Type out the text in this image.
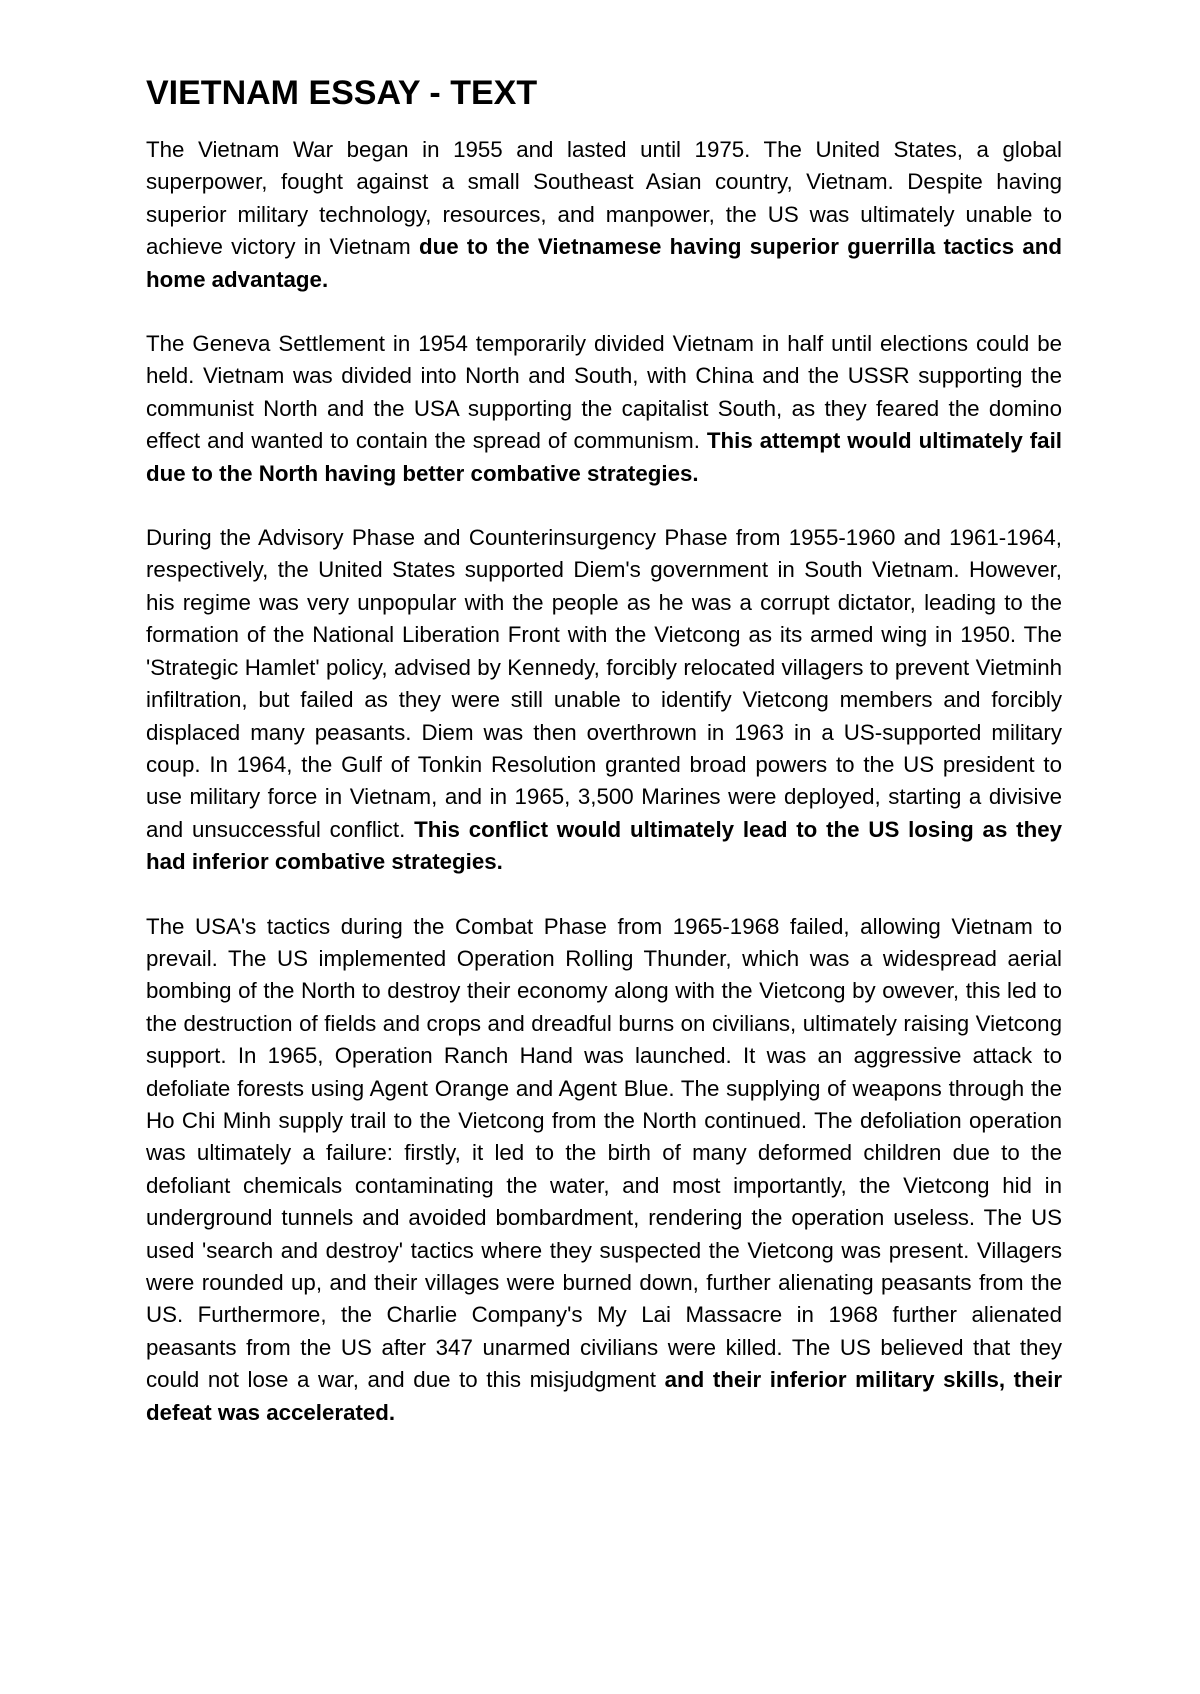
VIETNAM ESSAY - TEXT

The Vietnam War began in 1955 and lasted until 1975. The United States, a global superpower, fought against a small Southeast Asian country, Vietnam. Despite having superior military technology, resources, and manpower, the US was ultimately unable to achieve victory in Vietnam due to the Vietnamese having superior guerrilla tactics and home advantage.

The Geneva Settlement in 1954 temporarily divided Vietnam in half until elections could be held. Vietnam was divided into North and South, with China and the USSR supporting the communist North and the USA supporting the capitalist South, as they feared the domino effect and wanted to contain the spread of communism. This attempt would ultimately fail due to the North having better combative strategies.

During the Advisory Phase and Counterinsurgency Phase from 1955-1960 and 1961-1964, respectively, the United States supported Diem's government in South Vietnam. However, his regime was very unpopular with the people as he was a corrupt dictator, leading to the formation of the National Liberation Front with the Vietcong as its armed wing in 1950. The 'Strategic Hamlet' policy, advised by Kennedy, forcibly relocated villagers to prevent Vietminh infiltration, but failed as they were still unable to identify Vietcong members and forcibly displaced many peasants. Diem was then overthrown in 1963 in a US-supported military coup. In 1964, the Gulf of Tonkin Resolution granted broad powers to the US president to use military force in Vietnam, and in 1965, 3,500 Marines were deployed, starting a divisive and unsuccessful conflict. This conflict would ultimately lead to the US losing as they had inferior combative strategies.

The USA's tactics during the Combat Phase from 1965-1968 failed, allowing Vietnam to prevail. The US implemented Operation Rolling Thunder, which was a widespread aerial bombing of the North to destroy their economy along with the Vietcong by owever, this led to the destruction of fields and crops and dreadful burns on civilians, ultimately raising Vietcong support. In 1965, Operation Ranch Hand was launched. It was an aggressive attack to defoliate forests using Agent Orange and Agent Blue. The supplying of weapons through the Ho Chi Minh supply trail to the Vietcong from the North continued. The defoliation operation was ultimately a failure: firstly, it led to the birth of many deformed children due to the defoliant chemicals contaminating the water, and most importantly, the Vietcong hid in underground tunnels and avoided bombardment, rendering the operation useless. The US used 'search and destroy' tactics where they suspected the Vietcong was present. Villagers were rounded up, and their villages were burned down, further alienating peasants from the US. Furthermore, the Charlie Company's My Lai Massacre in 1968 further alienated peasants from the US after 347 unarmed civilians were killed. The US believed that they could not lose a war, and due to this misjudgment and their inferior military skills, their defeat was accelerated.
